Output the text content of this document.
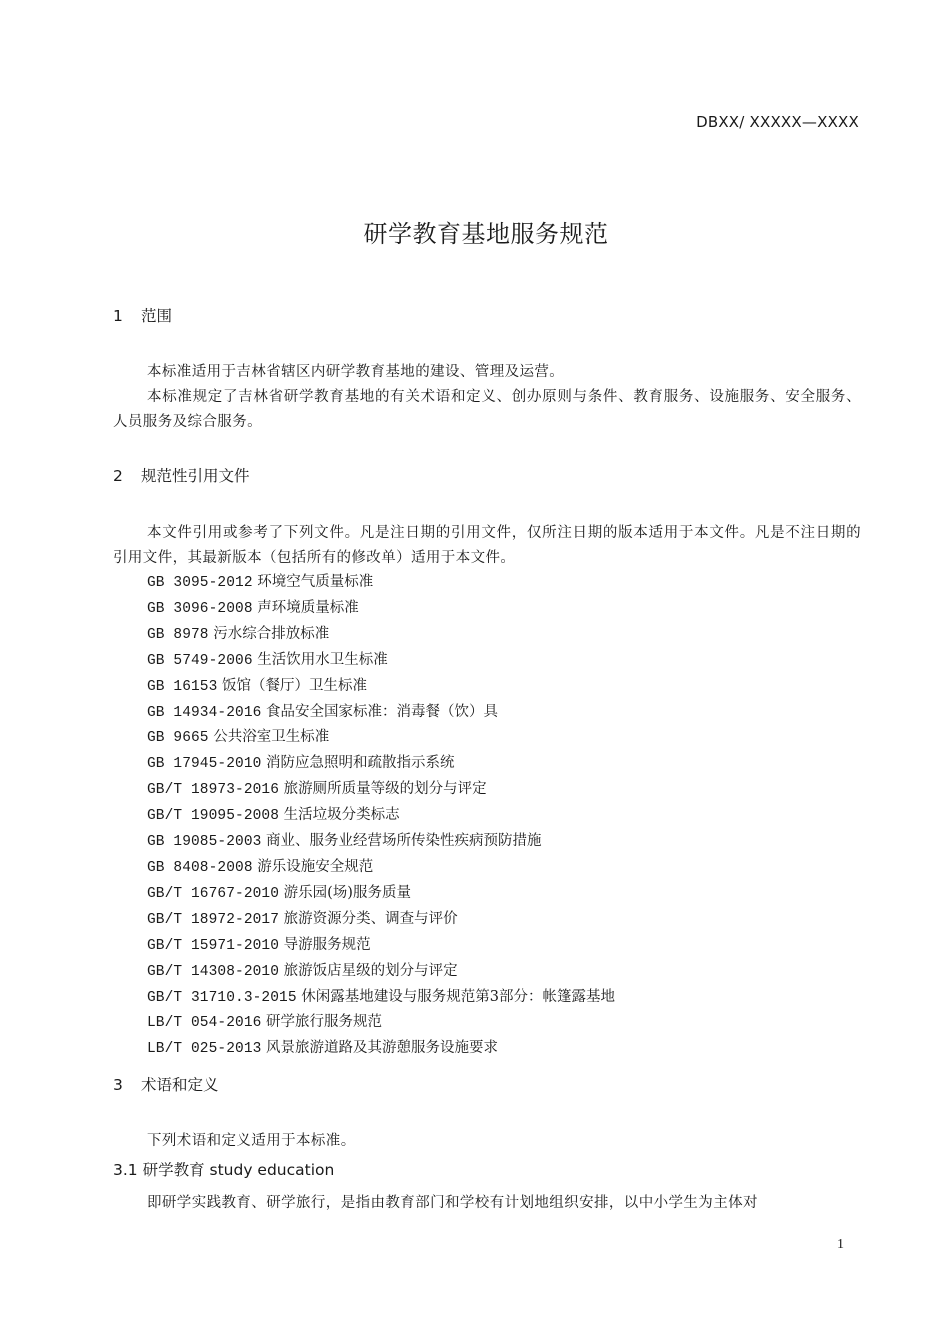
DBXX/ XXXXX—XXXX
研学教育基地服务规范
1 范围

本标准适用于吉林省辖区内研学教育基地的建设、管理及运营。

本标准规定了吉林省研学教育基地的有关术语和定义、创办原则与条件、教育服务、设施服务、安全服务、人员服务及综合服务。

2 规范性引用文件

本文件引用或参考了下列文件。凡是注日期的引用文件，仅所注日期的版本适用于本文件。凡是不注日期的引用文件，其最新版本（包括所有的修改单）适用于本文件。

GB 3095-2012 环境空气质量标准
GB 3096-2008 声环境质量标准
GB 8978 污水综合排放标准
GB 5749-2006 生活饮用水卫生标准
GB 16153 饭馆（餐厅）卫生标准
GB 14934-2016 食品安全国家标准：消毒餐（饮）具
GB 9665 公共浴室卫生标准
GB 17945-2010 消防应急照明和疏散指示系统
GB/T 18973-2016 旅游厕所质量等级的划分与评定
GB/T 19095-2008 生活垃圾分类标志
GB 19085-2003 商业、服务业经营场所传染性疾病预防措施
GB 8408-2008 游乐设施安全规范
GB/T 16767-2010 游乐园(场)服务质量
GB/T 18972-2017 旅游资源分类、调查与评价
GB/T 15971-2010 导游服务规范
GB/T 14308-2010 旅游饭店星级的划分与评定
GB/T 31710.3-2015 休闲露基地建设与服务规范第3部分：帐篷露基地
LB/T 054-2016 研学旅行服务规范
LB/T 025-2013 风景旅游道路及其游憩服务设施要求
3 术语和定义

下列术语和定义适用于本标准。

3.1 研学教育 study education

即研学实践教育、研学旅行，是指由教育部门和学校有计划地组织安排，以中小学生为主体对

1
